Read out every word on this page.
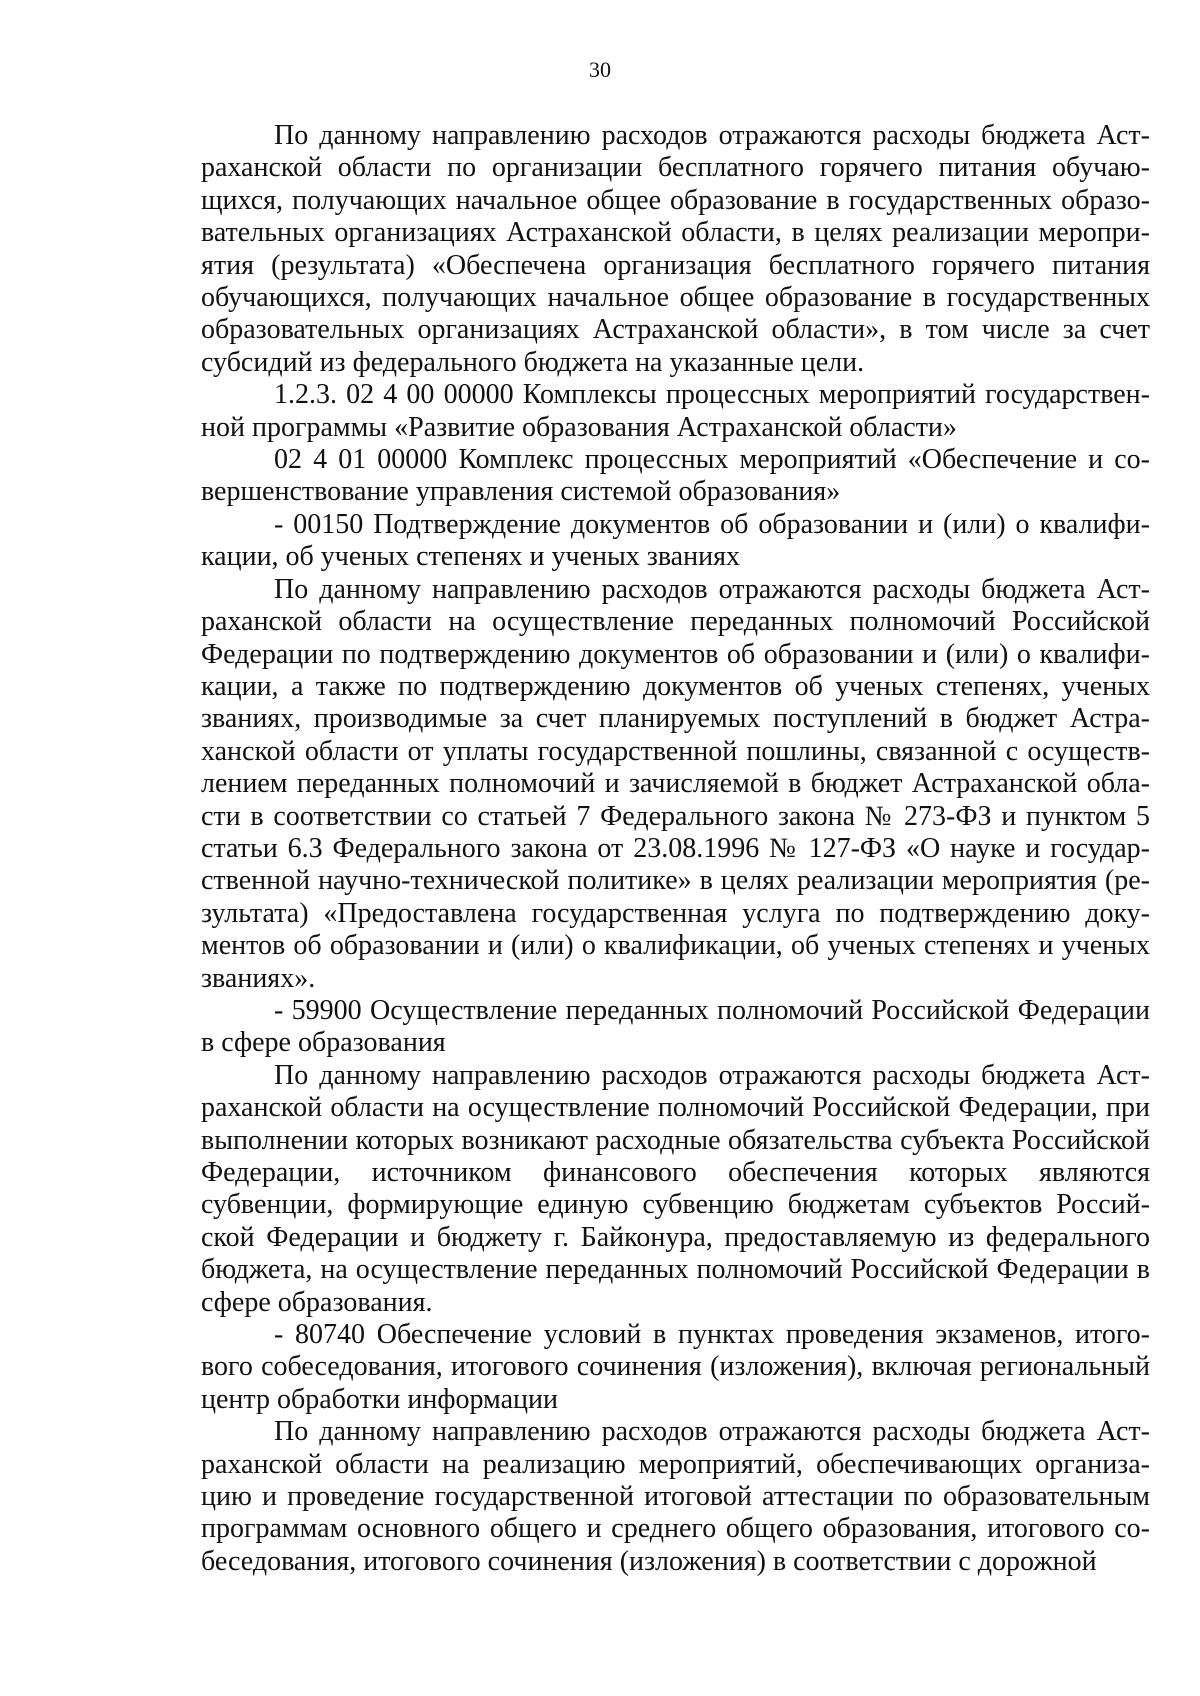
30

По данному направлению расходов отражаются расходы бюджета Астраханской области по организации бесплатного горячего питания обучающихся, получающих начальное общее образование в государственных образовательных организациях Астраханской области, в целях реализации мероприятия (результата) «Обеспечена организация бесплатного горячего питания обучающихся, получающих начальное общее образование в государственных образовательных организациях Астраханской области», в том числе за счет субсидий из федерального бюджета на указанные цели.

1.2.3. 02 4 00 00000 Комплексы процессных мероприятий государственной программы «Развитие образования Астраханской области»

02 4 01 00000 Комплекс процессных мероприятий «Обеспечение и совершенствование управления системой образования»

- 00150 Подтверждение документов об образовании и (или) о квалификации, об ученых степенях и ученых званиях

По данному направлению расходов отражаются расходы бюджета Астраханской области на осуществление переданных полномочий Российской Федерации по подтверждению документов об образовании и (или) о квалификации, а также по подтверждению документов об ученых степенях, ученых званиях, производимые за счет планируемых поступлений в бюджет Астраханской области от уплаты государственной пошлины, связанной с осуществлением переданных полномочий и зачисляемой в бюджет Астраханской области в соответствии со статьей 7 Федерального закона № 273-ФЗ и пунктом 5 статьи 6.3 Федерального закона от 23.08.1996 № 127-ФЗ «О науке и государственной научно-технической политике» в целях реализации мероприятия (результата) «Предоставлена государственная услуга по подтверждению документов об образовании и (или) о квалификации, об ученых степенях и ученых званиях».

- 59900 Осуществление переданных полномочий Российской Федерации в сфере образования

По данному направлению расходов отражаются расходы бюджета Астраханской области на осуществление полномочий Российской Федерации, при выполнении которых возникают расходные обязательства субъекта Российской Федерации, источником финансового обеспечения которых являются субвенции, формирующие единую субвенцию бюджетам субъектов Российской Федерации и бюджету г. Байконура, предоставляемую из федерального бюджета, на осуществление переданных полномочий Российской Федерации в сфере образования.

- 80740 Обеспечение условий в пунктах проведения экзаменов, итогового собеседования, итогового сочинения (изложения), включая региональный центр обработки информации

По данному направлению расходов отражаются расходы бюджета Астраханской области на реализацию мероприятий, обеспечивающих организацию и проведение государственной итоговой аттестации по образовательным программам основного общего и среднего общего образования, итогового собеседования, итогового сочинения (изложения) в соответствии с дорожной
